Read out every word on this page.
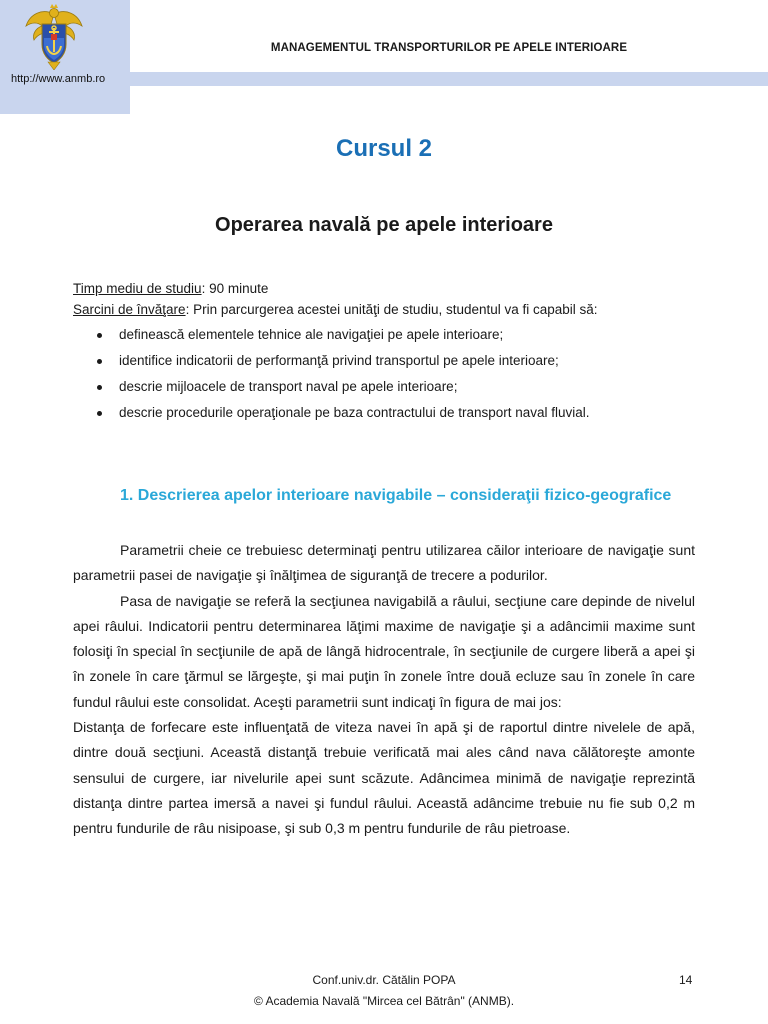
MANAGEMENTUL TRANSPORTURILOR PE APELE INTERIOARE
http://www.anmb.ro
Cursul 2
Operarea navală pe apele interioare

Timp mediu de studiu: 90 minute

Sarcini de învăţare: Prin parcurgerea acestei unităţi de studiu, studentul va fi capabil să:

definească elementele tehnice ale navigaţiei pe apele interioare;
identifice indicatorii de performanţă privind transportul pe apele interioare;
descrie mijloacele de transport naval pe apele interioare;
descrie procedurile operaţionale pe baza contractului de transport naval fluvial.
1. Descrierea apelor interioare navigabile – consideraţii fizico-geografice

Parametrii cheie ce trebuiesc determinaţi pentru utilizarea căilor interioare de navigaţie sunt parametrii pasei de navigaţie şi înălţimea de siguranţă de trecere a podurilor.

Pasa de navigaţie se referă la secţiunea navigabilă a râului, secţiune care depinde de nivelul apei râului. Indicatorii pentru determinarea lăţimi maxime de navigaţie şi a adâncimii maxime sunt folosiţi în special în secţiunile de apă de lângă hidrocentrale, în secţiunile de curgere liberă a apei şi în zonele în care ţărmul se lărgeşte, şi mai puţin în zonele între două ecluze sau în zonele în care fundul râului este consolidat. Aceşti parametrii sunt indicaţi în figura de mai jos:

Distanţa de forfecare este influenţată de viteza navei în apă şi de raportul dintre nivelele de apă, dintre două secţiuni. Această distanţă trebuie verificată mai ales când nava călătoreşte amonte sensului de curgere, iar nivelurile apei sunt scăzute. Adâncimea minimă de navigaţie reprezintă distanţa dintre partea imersă a navei şi fundul râului. Această adâncime trebuie nu fie sub 0,2 m pentru fundurile de râu nisipoase, şi sub 0,3 m pentru fundurile de râu pietroase.

Conf.univ.dr. Cătălin POPA	14
© Academia Navală "Mircea cel Bătrân" (ANMB).
